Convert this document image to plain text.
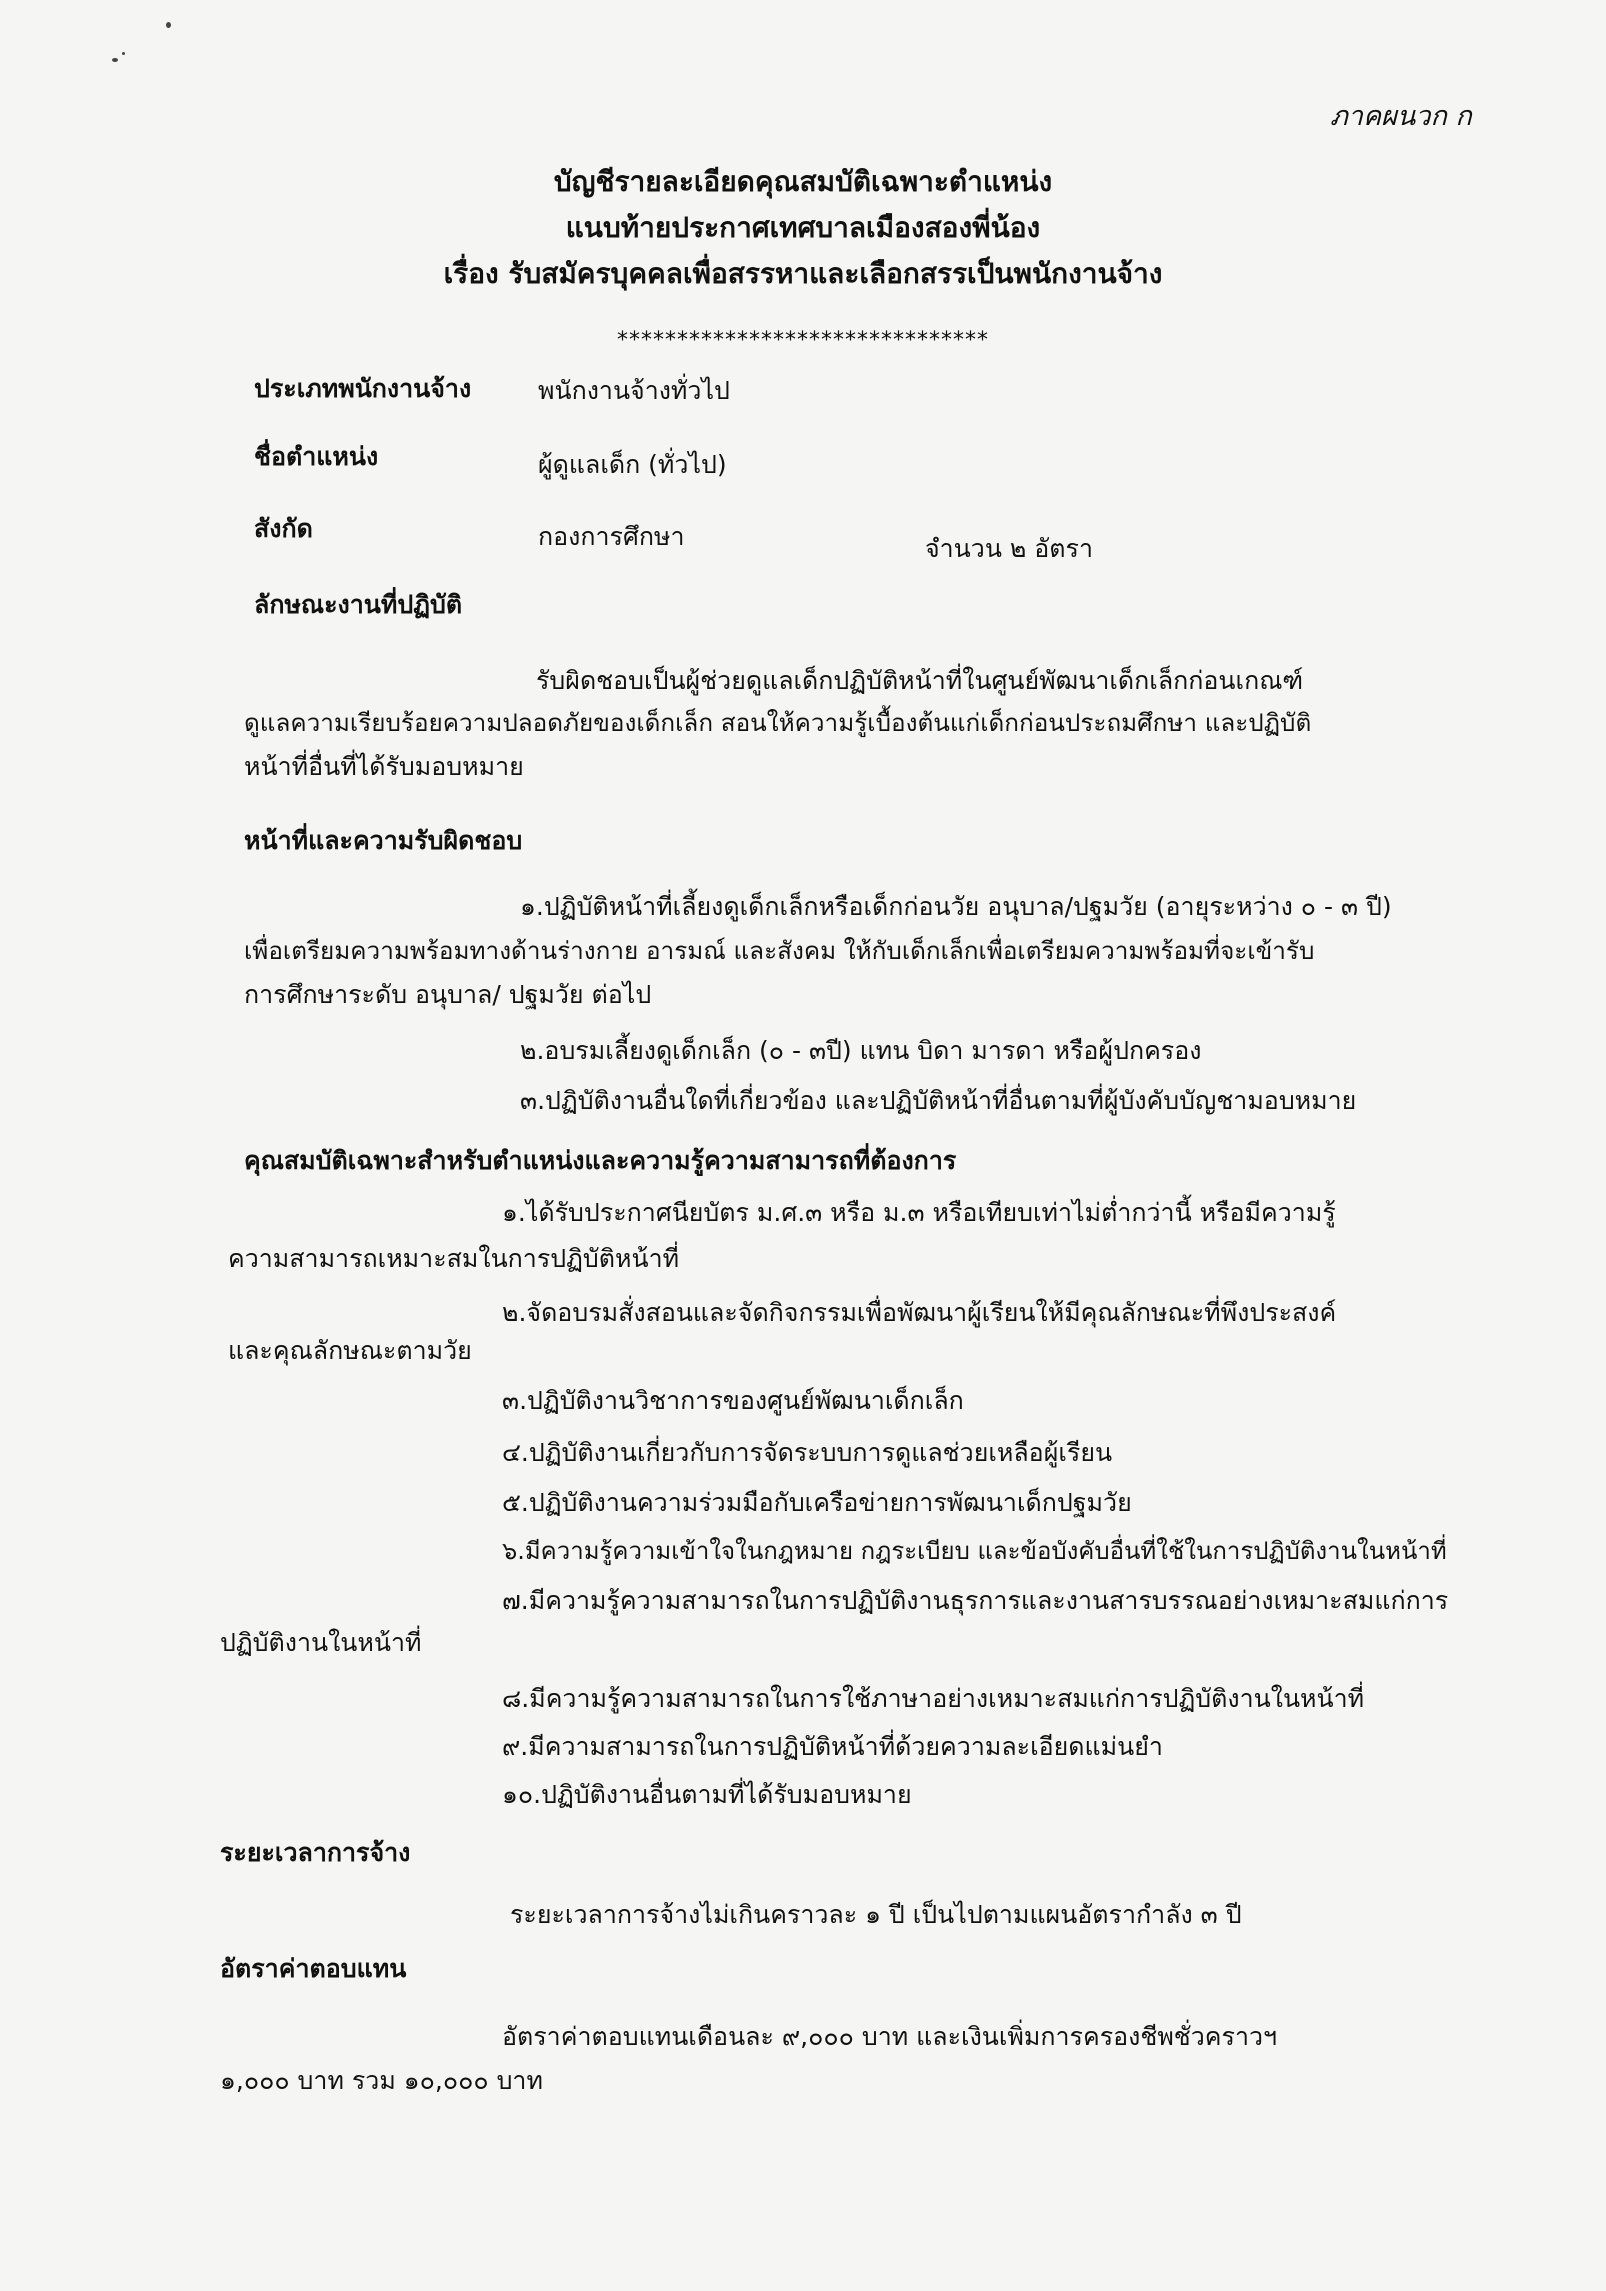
ภาคผนวก ก
บัญชีรายละเอียดคุณสมบัติเฉพาะตำแหน่ง
แนบท้ายประกาศเทศบาลเมืองสองพี่น้อง
เรื่อง รับสมัครบุคคลเพื่อสรรหาและเลือกสรรเป็นพนักงานจ้าง
*******************************
ประเภทพนักงานจ้าง	พนักงานจ้างทั่วไป
ชื่อตำแหน่ง	ผู้ดูแลเด็ก (ทั่วไป)
สังกัด	กองการศึกษา	จำนวน ๒ อัตรา
ลักษณะงานที่ปฏิบัติ
รับผิดชอบเป็นผู้ช่วยดูแลเด็กปฏิบัติหน้าที่ในศูนย์พัฒนาเด็กเล็กก่อนเกณฑ์
ดูแลความเรียบร้อยความปลอดภัยของเด็กเล็ก สอนให้ความรู้เบื้องต้นแก่เด็กก่อนประถมศึกษา และปฏิบัติ
หน้าที่อื่นที่ได้รับมอบหมาย
หน้าที่และความรับผิดชอบ
๑.ปฏิบัติหน้าที่เลี้ยงดูเด็กเล็กหรือเด็กก่อนวัย อนุบาล/ปฐมวัย (อายุระหว่าง ๐ - ๓ ปี)
เพื่อเตรียมความพร้อมทางด้านร่างกาย อารมณ์ และสังคม ให้กับเด็กเล็กเพื่อเตรียมความพร้อมที่จะเข้ารับ
การศึกษาระดับ อนุบาล/ ปฐมวัย ต่อไป
๒.อบรมเลี้ยงดูเด็กเล็ก (๐ - ๓ปี) แทน บิดา มารดา หรือผู้ปกครอง
๓.ปฏิบัติงานอื่นใดที่เกี่ยวข้อง และปฏิบัติหน้าที่อื่นตามที่ผู้บังคับบัญชามอบหมาย
คุณสมบัติเฉพาะสำหรับตำแหน่งและความรู้ความสามารถที่ต้องการ
๑.ได้รับประกาศนียบัตร ม.ศ.๓ หรือ ม.๓ หรือเทียบเท่าไม่ต่ำกว่านี้ หรือมีความรู้
ความสามารถเหมาะสมในการปฏิบัติหน้าที่
๒.จัดอบรมสั่งสอนและจัดกิจกรรมเพื่อพัฒนาผู้เรียนให้มีคุณลักษณะที่พึงประสงค์
และคุณลักษณะตามวัย
๓.ปฏิบัติงานวิชาการของศูนย์พัฒนาเด็กเล็ก
๔.ปฏิบัติงานเกี่ยวกับการจัดระบบการดูแลช่วยเหลือผู้เรียน
๕.ปฏิบัติงานความร่วมมือกับเครือข่ายการพัฒนาเด็กปฐมวัย
๖.มีความรู้ความเข้าใจในกฎหมาย กฎระเบียบ และข้อบังคับอื่นที่ใช้ในการปฏิบัติงานในหน้าที่
๗.มีความรู้ความสามารถในการปฏิบัติงานธุรการและงานสารบรรณอย่างเหมาะสมแก่การ
ปฏิบัติงานในหน้าที่
๘.มีความรู้ความสามารถในการใช้ภาษาอย่างเหมาะสมแก่การปฏิบัติงานในหน้าที่
๙.มีความสามารถในการปฏิบัติหน้าที่ด้วยความละเอียดแม่นยำ
๑๐.ปฏิบัติงานอื่นตามที่ได้รับมอบหมาย
ระยะเวลาการจ้าง
ระยะเวลาการจ้างไม่เกินคราวละ ๑ ปี เป็นไปตามแผนอัตรากำลัง ๓ ปี
อัตราค่าตอบแทน
อัตราค่าตอบแทนเดือนละ ๙,๐๐๐ บาท และเงินเพิ่มการครองชีพชั่วคราวฯ
๑,๐๐๐ บาท รวม ๑๐,๐๐๐ บาท
